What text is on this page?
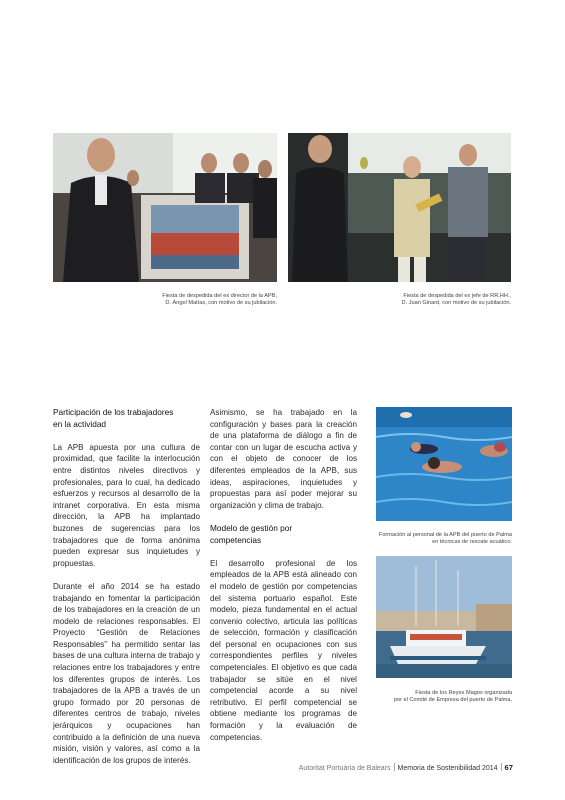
Fiesta de despedida del ex director de la APB,
D. Ángel Matías, con motivo de su jubilación.
Fiesta de despedida del ex jefe de RR.HH.,
D. Juan Ginard, con motivo de su jubilación.
Participación de los trabajadores
en la actividad

La APB apuesta por una cultura de proximidad, que facilite la interlocución entre distintos niveles directivos y profesionales, para lo cual, ha dedicado esfuerzos y recursos al desarrollo de la intranet corporativa. En esta misma dirección, la APB ha implantado buzones de sugerencias para los trabajadores que de forma anónima pueden expresar sus inquietudes y propuestas.

Durante el año 2014 se ha estado trabajando en fomentar la participación de los trabajadores en la creación de un modelo de relaciones responsables. El Proyecto “Gestión de Relaciones Responsables” ha permitido sentar las bases de una cultura interna de trabajo y relaciones entre los trabajadores y entre los diferentes grupos de interés. Los trabajadores de la APB a través de un grupo formado por 20 personas de diferentes centros de trabajo, niveles jerárquicos y ocupaciones han contribuido a la definición de una nueva misión, visión y valores, así como a la identificación de los grupos de interés.

Asimismo, se ha trabajado en la configuración y bases para la creación de una plataforma de diálogo a fin de contar con un lugar de escucha activa y con el objeto de conocer de los diferentes empleados de la APB, sus ideas, aspiraciones, inquietudes y propuestas para así poder mejorar su organización y clima de trabajo.

Modelo de gestión por
competencias

El desarrollo profesional de los empleados de la APB está alineado con el modelo de gestión por competencias del sistema portuario español. Este modelo, pieza fundamental en el actual convenio colectivo, articula las políticas de selección, formación y clasificación del personal en ocupaciones con sus correspondientes perfiles y niveles competenciales. El objetivo es que cada trabajador se sitúe en el nivel competencial acorde a su nivel retributivo. El perfil competencial se obtiene mediante los programas de formación y la evaluación de competencias.

Formación al personal de la APB del puerto de Palma
en técnicas de rescate acuático.
Fiesta de los Reyes Magos organizada
por el Comité de Empresa del puerto de Palma.
Autoritat Portuària de Balears Memoria de Sostenibilidad 2014 67
